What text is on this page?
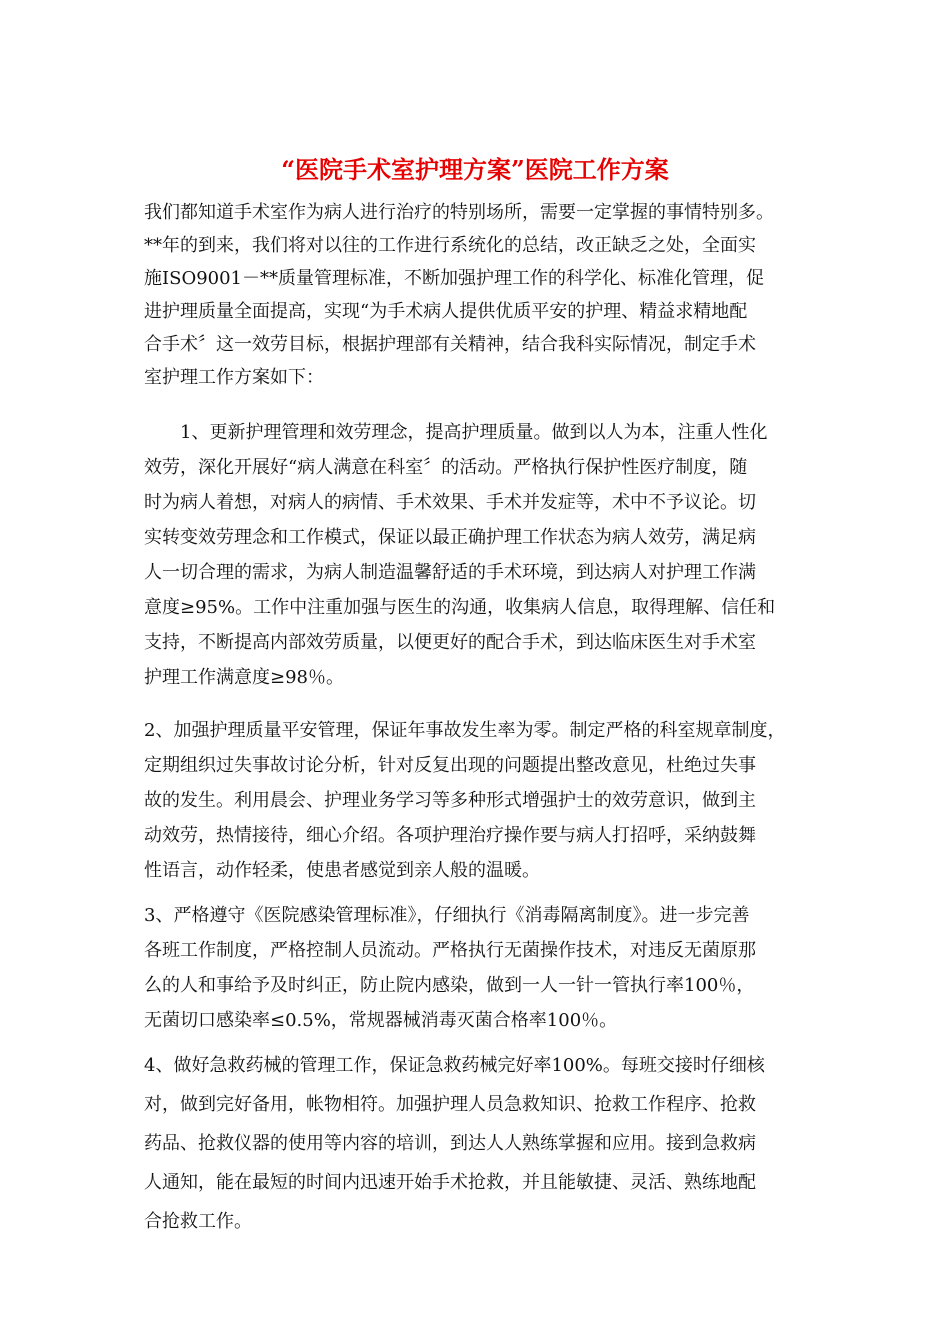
“医院手术室护理方案”医院工作方案

我们都知道手术室作为病人进行治疗的特别场所，需要一定掌握的事情特别多。

**年的到来，我们将对以往的工作进行系统化的总结，改正缺乏之处，全面实

施ISO9001－**质量管理标准，不断加强护理工作的科学化、标准化管理，促

进护理质量全面提高，实现“为手术病人提供优质平安的护理、精益求精地配

合手术〞这一效劳目标，根据护理部有关精神，结合我科实际情况，制定手术

室护理工作方案如下：

　　1、更新护理管理和效劳理念，提高护理质量。做到以人为本，注重人性化

效劳，深化开展好“病人满意在科室〞的活动。严格执行保护性医疗制度，随

时为病人着想，对病人的病情、手术效果、手术并发症等，术中不予议论。切

实转变效劳理念和工作模式，保证以最正确护理工作状态为病人效劳，满足病

人一切合理的需求，为病人制造温馨舒适的手术环境，到达病人对护理工作满

意度≥95%。工作中注重加强与医生的沟通，收集病人信息，取得理解、信任和

支持，不断提高内部效劳质量，以便更好的配合手术，到达临床医生对手术室

护理工作满意度≥98％。

2、加强护理质量平安管理，保证年事故发生率为零。制定严格的科室规章制度，

定期组织过失事故讨论分析，针对反复出现的问题提出整改意见，杜绝过失事

故的发生。利用晨会、护理业务学习等多种形式增强护士的效劳意识，做到主

动效劳，热情接待，细心介绍。各项护理治疗操作要与病人打招呼，采纳鼓舞

性语言，动作轻柔，使患者感觉到亲人般的温暖。

3、严格遵守《医院感染管理标准》，仔细执行《消毒隔离制度》。进一步完善

各班工作制度，严格控制人员流动。严格执行无菌操作技术，对违反无菌原那

么的人和事给予及时纠正，防止院内感染，做到一人一针一管执行率100％，

无菌切口感染率≤0.5%，常规器械消毒灭菌合格率100％。

4、做好急救药械的管理工作，保证急救药械完好率100%。每班交接时仔细核

对，做到完好备用，帐物相符。加强护理人员急救知识、抢救工作程序、抢救

药品、抢救仪器的使用等内容的培训，到达人人熟练掌握和应用。接到急救病

人通知，能在最短的时间内迅速开始手术抢救，并且能敏捷、灵活、熟练地配

合抢救工作。
